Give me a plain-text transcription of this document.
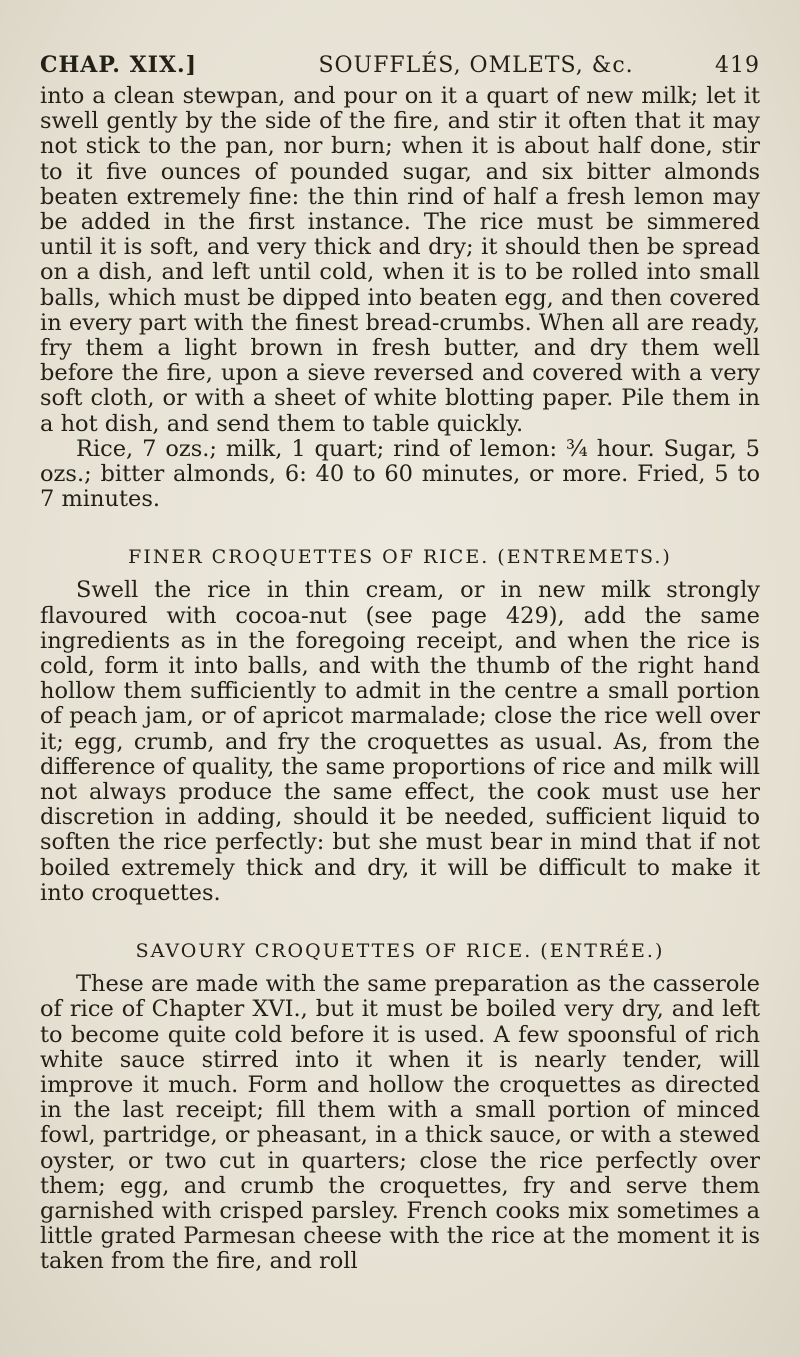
CHAP. XIX.]	SOUFFLÉS, OMLETS, &c.	419

into a clean stewpan, and pour on it a quart of new milk; let it swell gently by the side of the fire, and stir it often that it may not stick to the pan, nor burn; when it is about half done, stir to it five ounces of pounded sugar, and six bitter almonds beaten extremely fine: the thin rind of half a fresh lemon may be added in the first instance. The rice must be simmered until it is soft, and very thick and dry; it should then be spread on a dish, and left until cold, when it is to be rolled into small balls, which must be dipped into beaten egg, and then covered in every part with the finest bread-crumbs. When all are ready, fry them a light brown in fresh butter, and dry them well before the fire, upon a sieve reversed and covered with a very soft cloth, or with a sheet of white blotting paper. Pile them in a hot dish, and send them to table quickly.

Rice, 7 ozs.; milk, 1 quart; rind of lemon: ¾ hour. Sugar, 5 ozs.; bitter almonds, 6: 40 to 60 minutes, or more. Fried, 5 to 7 minutes.

FINER CROQUETTES OF RICE. (ENTREMETS.)

Swell the rice in thin cream, or in new milk strongly flavoured with cocoa-nut (see page 429), add the same ingredients as in the foregoing receipt, and when the rice is cold, form it into balls, and with the thumb of the right hand hollow them sufficiently to admit in the centre a small portion of peach jam, or of apricot marmalade; close the rice well over it; egg, crumb, and fry the croquettes as usual. As, from the difference of quality, the same proportions of rice and milk will not always produce the same effect, the cook must use her discretion in adding, should it be needed, sufficient liquid to soften the rice perfectly: but she must bear in mind that if not boiled extremely thick and dry, it will be difficult to make it into croquettes.

SAVOURY CROQUETTES OF RICE. (ENTRÉE.)

These are made with the same preparation as the casserole of rice of Chapter XVI., but it must be boiled very dry, and left to become quite cold before it is used. A few spoonsful of rich white sauce stirred into it when it is nearly tender, will improve it much. Form and hollow the croquettes as directed in the last receipt; fill them with a small portion of minced fowl, partridge, or pheasant, in a thick sauce, or with a stewed oyster, or two cut in quarters; close the rice perfectly over them; egg, and crumb the croquettes, fry and serve them garnished with crisped parsley. French cooks mix sometimes a little grated Parmesan cheese with the rice at the moment it is taken from the fire, and roll
